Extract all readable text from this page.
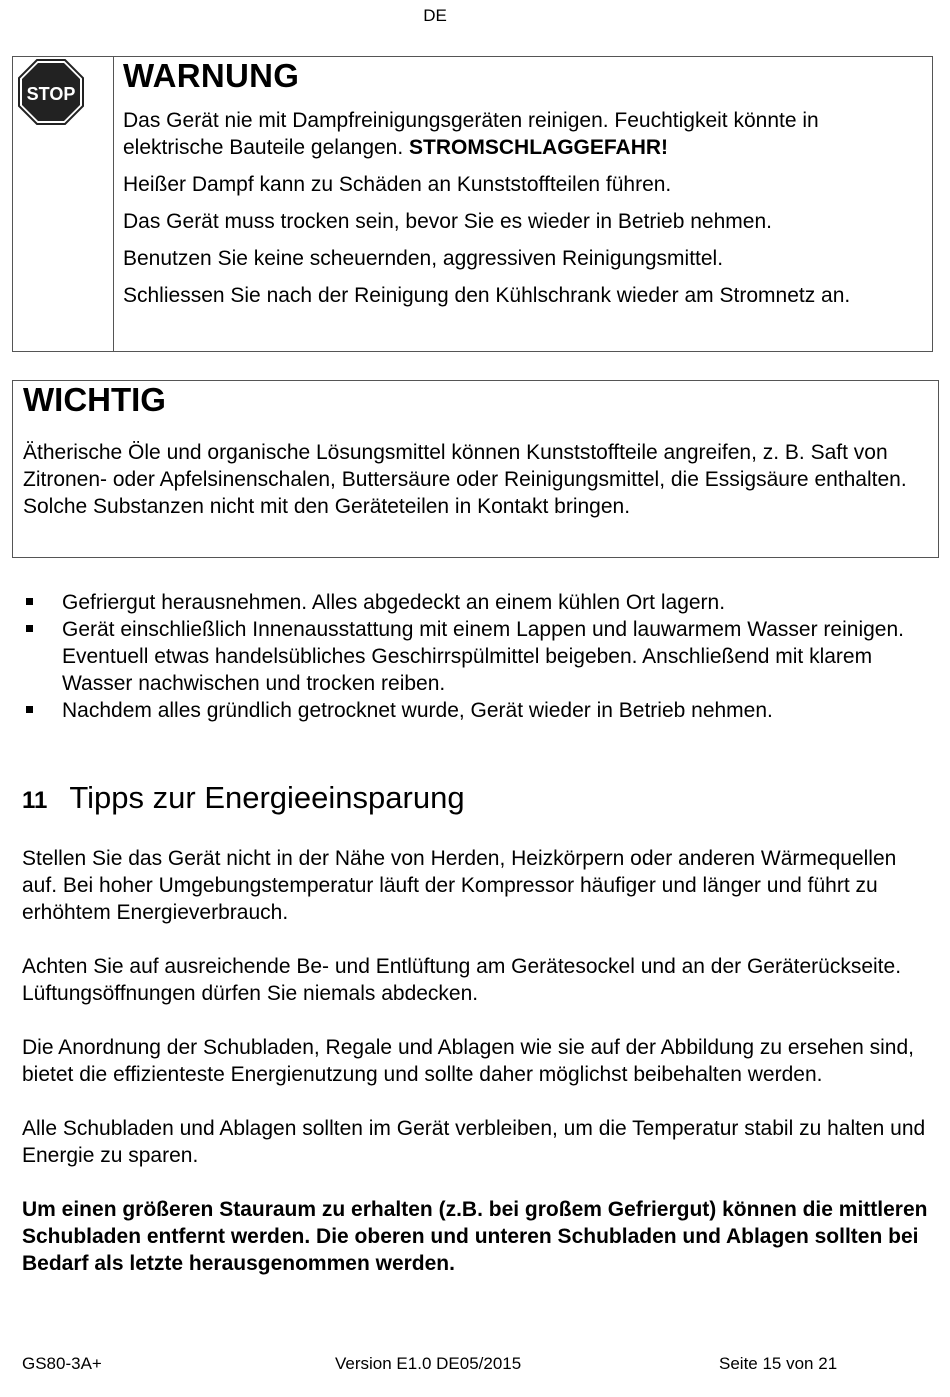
DE
STOP WARNUNG

Das Gerät nie mit Dampfreinigungsgeräten reinigen. Feuchtigkeit könnte in elektrische Bauteile gelangen. STROMSCHLAGGEFAHR!

Heißer Dampf kann zu Schäden an Kunststoffteilen führen.

Das Gerät muss trocken sein, bevor Sie es wieder in Betrieb nehmen.

Benutzen Sie keine scheuernden, aggressiven Reinigungsmittel.

Schliessen Sie nach der Reinigung den Kühlschrank wieder am Stromnetz an.

WICHTIG

Ätherische Öle und organische Lösungsmittel können Kunststoffteile angreifen, z. B. Saft von Zitronen- oder Apfelsinenschalen, Buttersäure oder Reinigungsmittel, die Essigsäure enthalten. Solche Substanzen nicht mit den Geräteteilen in Kontakt bringen.

Gefriergut herausnehmen. Alles abgedeckt an einem kühlen Ort lagern.
Gerät einschließlich Innenausstattung mit einem Lappen und lauwarmem Wasser reinigen. Eventuell etwas handelsübliches Geschirrspülmittel beigeben. Anschließend mit klarem Wasser nachwischen und trocken reiben.
Nachdem alles gründlich getrocknet wurde, Gerät wieder in Betrieb nehmen.
11 Tipps zur Energieeinsparung

Stellen Sie das Gerät nicht in der Nähe von Herden, Heizkörpern oder anderen Wärmequellen auf. Bei hoher Umgebungstemperatur läuft der Kompressor häufiger und länger und führt zu erhöhtem Energieverbrauch.

Achten Sie auf ausreichende Be- und Entlüftung am Gerätesockel und an der Geräterückseite. Lüftungsöffnungen dürfen Sie niemals abdecken.

Die Anordnung der Schubladen, Regale und Ablagen wie sie auf der Abbildung zu ersehen sind, bietet die effizienteste Energienutzung und sollte daher möglichst beibehalten werden.

Alle Schubladen und Ablagen sollten im Gerät verbleiben, um die Temperatur stabil zu halten und Energie zu sparen.

Um einen größeren Stauraum zu erhalten (z.B. bei großem Gefriergut) können die mittleren Schubladen entfernt werden. Die oberen und unteren Schubladen und Ablagen sollten bei Bedarf als letzte herausgenommen werden.

GS80-3A+	Version E1.0 DE05/2015	Seite 15 von 21
